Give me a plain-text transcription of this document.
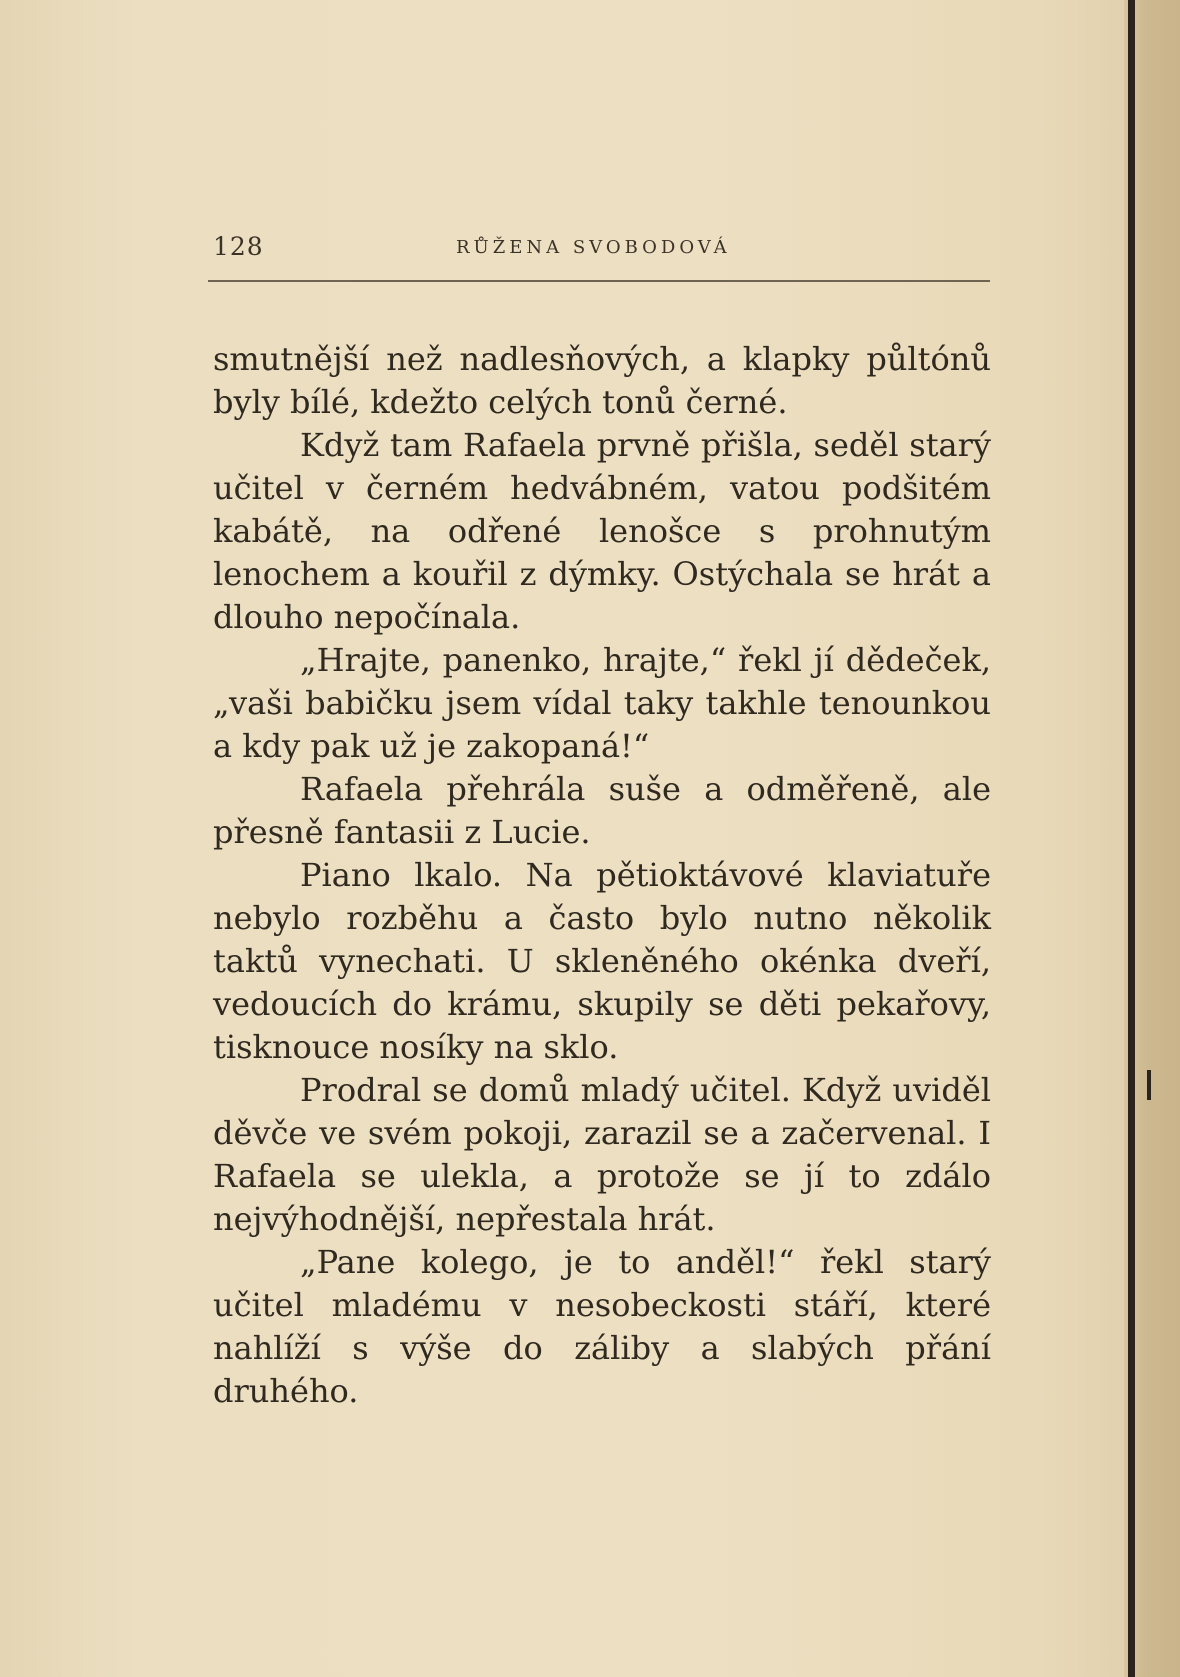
128	RŮŽENA SVOBODOVÁ

smutnější než nadlesňových, a klapky půltónů byly bílé, kdežto celých tonů černé.

Když tam Rafaela prvně přišla, seděl starý učitel v černém hedvábném, vatou podšitém kabátě, na odřené lenošce s prohnutým lenochem a kouřil z dýmky. Ostýchala se hrát a dlouho nepočínala.

„Hrajte, panenko, hrajte,“ řekl jí dědeček, „vaši babičku jsem vídal taky takhle tenounkou a kdy pak už je zakopaná!“

Rafaela přehrála suše a odměřeně, ale přesně fantasii z Lucie.

Piano lkalo. Na pětioktávové klaviatuře nebylo rozběhu a často bylo nutno několik taktů vynechati. U skleněného okénka dveří, vedoucích do krámu, skupily se děti pekařovy, tisknouce nosíky na sklo.

Prodral se domů mladý učitel. Když uviděl děvče ve svém pokoji, zarazil se a začervenal. I Rafaela se ulekla, a protože se jí to zdálo nejvýhodnější, nepřestala hrát.

„Pane kolego, je to anděl!“ řekl starý učitel mladému v nesobeckosti stáří, které nahlíží s výše do záliby a slabých přání druhého.
